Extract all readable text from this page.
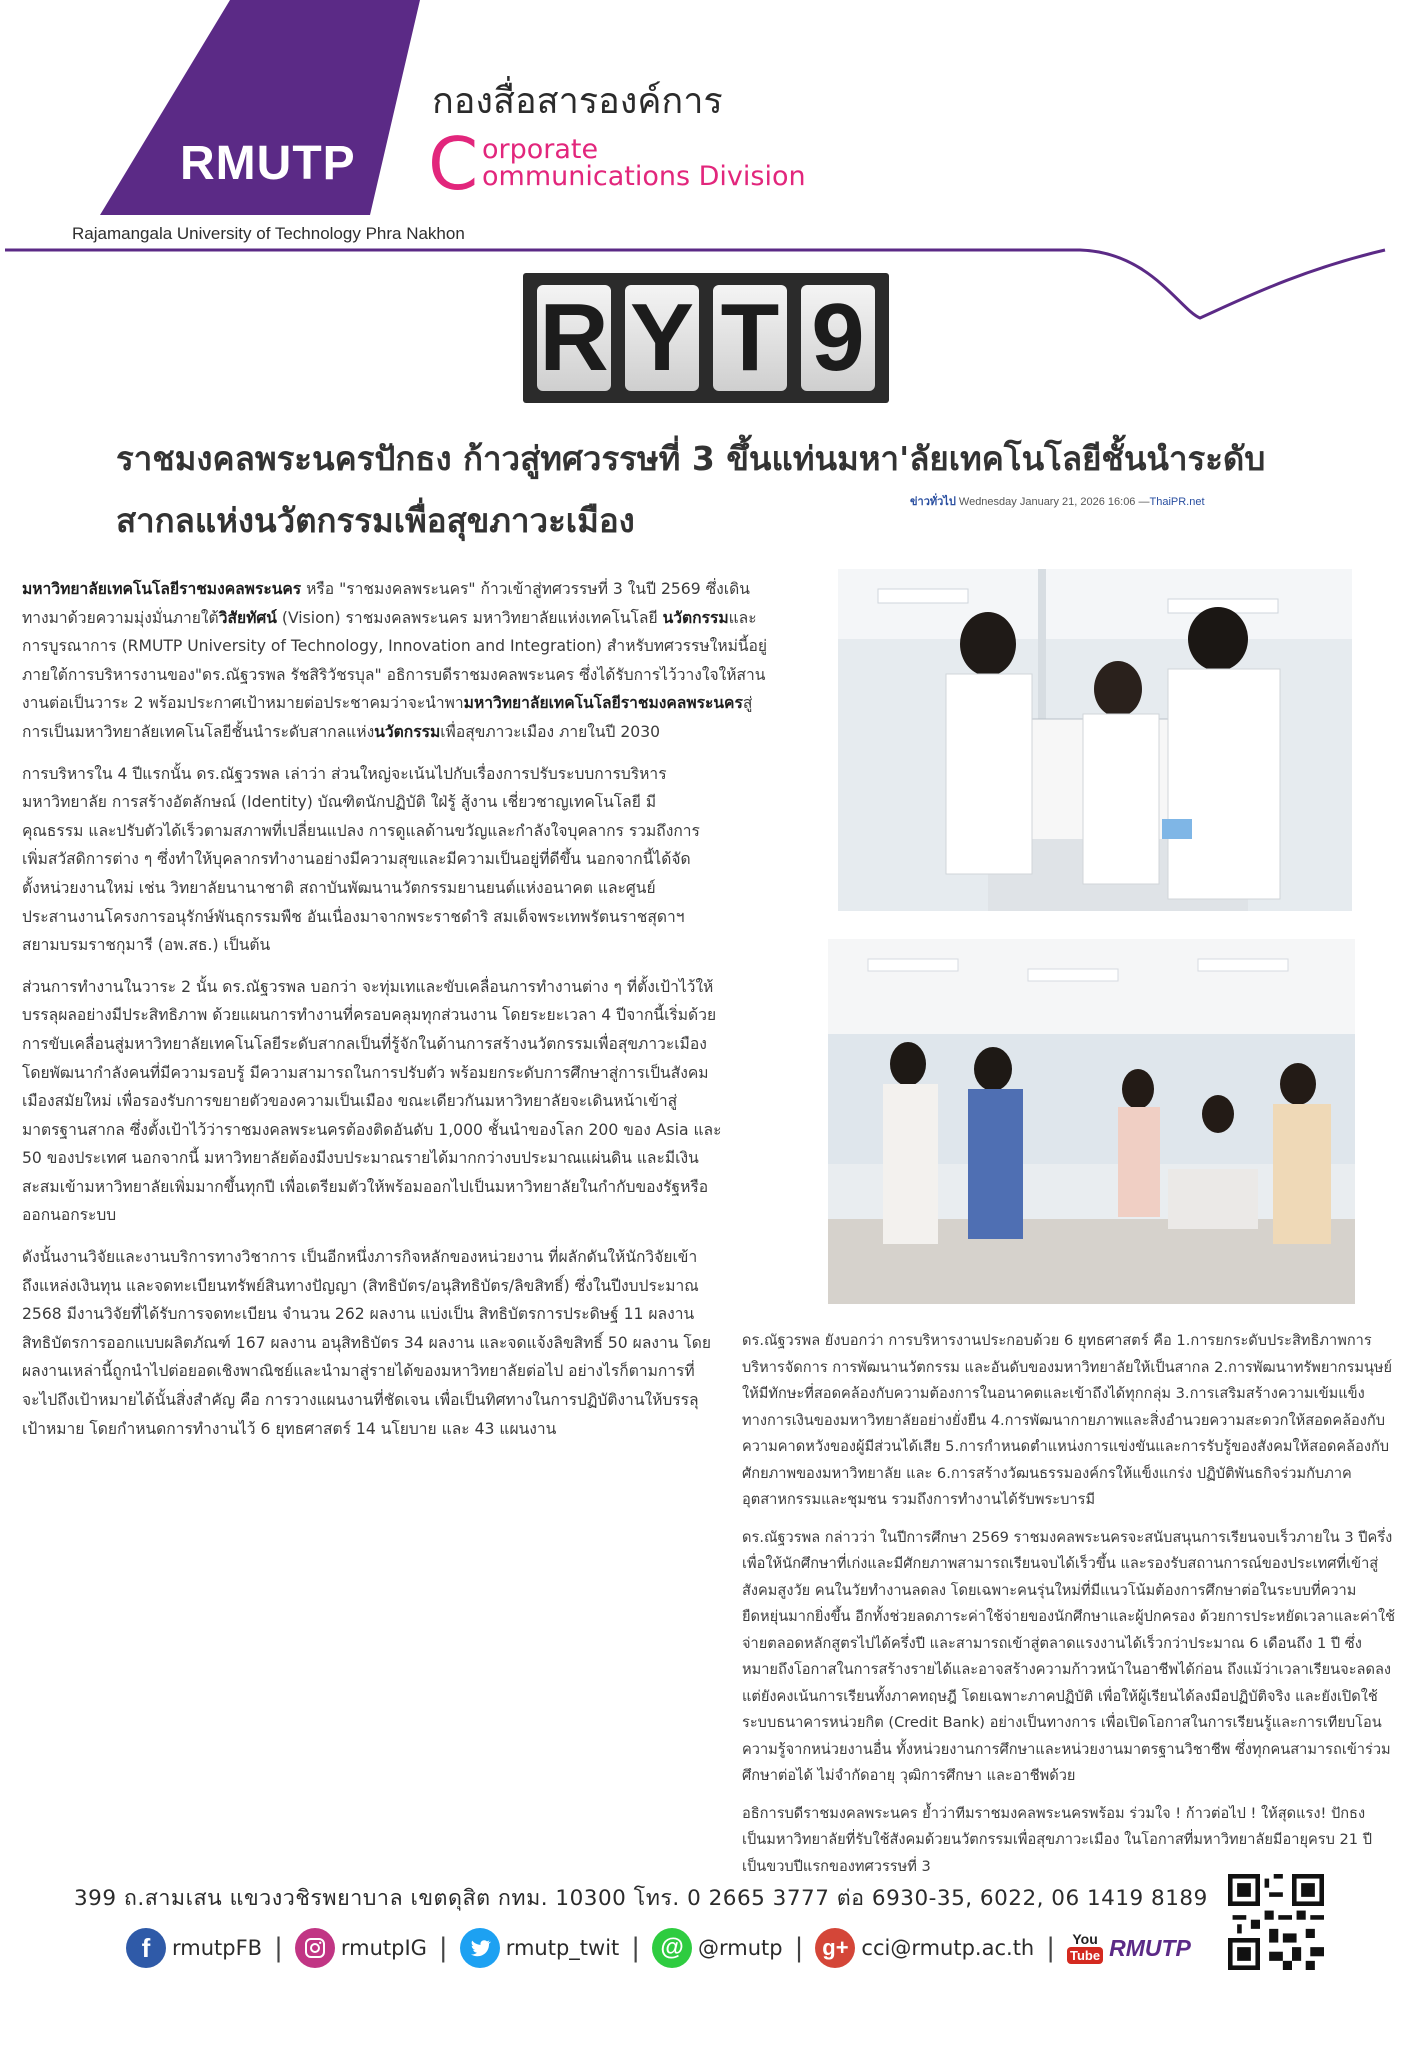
RMUTP
กองสื่อสารองค์การ
C orporate
ommunications Division
Rajamangala University of Technology Phra Nakhon
R Y T 9
ราชมงคลพระนครปักธง ก้าวสู่ทศวรรษที่ 3 ขึ้นแท่นมหา'ลัยเทคโนโลยีชั้นนำระดับ
สากลแห่งนวัตกรรมเพื่อสุขภาวะเมือง	ข่าวทั่วไป Wednesday January 21, 2026 16:06 —ThaiPR.net

มหาวิทยาลัยเทคโนโลยีราชมงคลพระนคร หรือ "ราชมงคลพระนคร" ก้าวเข้าสู่ทศวรรษที่ 3 ในปี 2569 ซึ่งเดินทางมาด้วยความมุ่งมั่นภายใต้วิสัยทัศน์ (Vision) ราชมงคลพระนคร มหาวิทยาลัยแห่งเทคโนโลยี นวัตกรรมและการบูรณาการ (RMUTP University of Technology, Innovation and Integration) สำหรับทศวรรษใหม่นี้อยู่ภายใต้การบริหารงานของ"ดร.ณัฐวรพล รัชสิริวัชรบุล" อธิการบดีราชมงคลพระนคร ซึ่งได้รับการไว้วางใจให้สานงานต่อเป็นวาระ 2 พร้อมประกาศเป้าหมายต่อประชาคมว่าจะนำพามหาวิทยาลัยเทคโนโลยีราชมงคลพระนครสู่การเป็นมหาวิทยาลัยเทคโนโลยีชั้นนำระดับสากลแห่งนวัตกรรมเพื่อสุขภาวะเมือง ภายในปี 2030

การบริหารใน 4 ปีแรกนั้น ดร.ณัฐวรพล เล่าว่า ส่วนใหญ่จะเน้นไปกับเรื่องการปรับระบบการบริหารมหาวิทยาลัย การสร้างอัตลักษณ์ (Identity) บัณฑิตนักปฏิบัติ ใฝ่รู้ สู้งาน เชี่ยวชาญเทคโนโลยี มีคุณธรรม และปรับตัวได้เร็วตามสภาพที่เปลี่ยนแปลง การดูแลด้านขวัญและกำลังใจบุคลากร รวมถึงการเพิ่มสวัสดิการต่าง ๆ ซึ่งทำให้บุคลากรทำงานอย่างมีความสุขและมีความเป็นอยู่ที่ดีขึ้น นอกจากนี้ได้จัดตั้งหน่วยงานใหม่ เช่น วิทยาลัยนานาชาติ สถาบันพัฒนานวัตกรรมยานยนต์แห่งอนาคต และศูนย์ประสานงานโครงการอนุรักษ์พันธุกรรมพืช อันเนื่องมาจากพระราชดำริ สมเด็จพระเทพรัตนราชสุดาฯ สยามบรมราชกุมารี (อพ.สธ.) เป็นต้น

ส่วนการทำงานในวาระ 2 นั้น ดร.ณัฐวรพล บอกว่า จะทุ่มเทและขับเคลื่อนการทำงานต่าง ๆ ที่ตั้งเป้าไว้ให้บรรลุผลอย่างมีประสิทธิภาพ ด้วยแผนการทำงานที่ครอบคลุมทุกส่วนงาน โดยระยะเวลา 4 ปีจากนี้เริ่มด้วยการขับเคลื่อนสู่มหาวิทยาลัยเทคโนโลยีระดับสากลเป็นที่รู้จักในด้านการสร้างนวัตกรรมเพื่อสุขภาวะเมือง โดยพัฒนากำลังคนที่มีความรอบรู้ มีความสามารถในการปรับตัว พร้อมยกระดับการศึกษาสู่การเป็นสังคมเมืองสมัยใหม่ เพื่อรองรับการขยายตัวของความเป็นเมือง ขณะเดียวกันมหาวิทยาลัยจะเดินหน้าเข้าสู่มาตรฐานสากล ซึ่งตั้งเป้าไว้ว่าราชมงคลพระนครต้องติดอันดับ 1,000 ชั้นนำของโลก 200 ของ Asia และ 50 ของประเทศ นอกจากนี้ มหาวิทยาลัยต้องมีงบประมาณรายได้มากกว่างบประมาณแผ่นดิน และมีเงินสะสมเข้ามหาวิทยาลัยเพิ่มมากขึ้นทุกปี เพื่อเตรียมตัวให้พร้อมออกไปเป็นมหาวิทยาลัยในกำกับของรัฐหรือออกนอกระบบ

ดังนั้นงานวิจัยและงานบริการทางวิชาการ เป็นอีกหนึ่งภารกิจหลักของหน่วยงาน ที่ผลักดันให้นักวิจัยเข้าถึงแหล่งเงินทุน และจดทะเบียนทรัพย์สินทางปัญญา (สิทธิบัตร/อนุสิทธิบัตร/ลิขสิทธิ์) ซึ่งในปีงบประมาณ 2568 มีงานวิจัยที่ได้รับการจดทะเบียน จำนวน 262 ผลงาน แบ่งเป็น สิทธิบัตรการประดิษฐ์ 11 ผลงาน สิทธิบัตรการออกแบบผลิตภัณฑ์ 167 ผลงาน อนุสิทธิบัตร 34 ผลงาน และจดแจ้งลิขสิทธิ์ 50 ผลงาน โดยผลงานเหล่านี้ถูกนำไปต่อยอดเชิงพาณิชย์และนำมาสู่รายได้ของมหาวิทยาลัยต่อไป อย่างไรก็ตามการที่จะไปถึงเป้าหมายได้นั้นสิ่งสำคัญ คือ การวางแผนงานที่ชัดเจน เพื่อเป็นทิศทางในการปฏิบัติงานให้บรรลุเป้าหมาย โดยกำหนดการทำงานไว้ 6 ยุทธศาสตร์ 14 นโยบาย และ 43 แผนงาน

ดร.ณัฐวรพล ยังบอกว่า การบริหารงานประกอบด้วย 6 ยุทธศาสตร์ คือ 1.การยกระดับประสิทธิภาพการบริหารจัดการ การพัฒนานวัตกรรม และอันดับของมหาวิทยาลัยให้เป็นสากล 2.การพัฒนาทรัพยากรมนุษย์ ให้มีทักษะที่สอดคล้องกับความต้องการในอนาคตและเข้าถึงได้ทุกกลุ่ม 3.การเสริมสร้างความเข้มแข็งทางการเงินของมหาวิทยาลัยอย่างยั่งยืน 4.การพัฒนากายภาพและสิ่งอำนวยความสะดวกให้สอดคล้องกับความคาดหวังของผู้มีส่วนได้เสีย 5.การกำหนดตำแหน่งการแข่งขันและการรับรู้ของสังคมให้สอดคล้องกับศักยภาพของมหาวิทยาลัย และ 6.การสร้างวัฒนธรรมองค์กรให้แข็งแกร่ง ปฏิบัติพันธกิจร่วมกับภาคอุตสาหกรรมและชุมชน รวมถึงการทำงานได้รับพระบารมี

ดร.ณัฐวรพล กล่าวว่า ในปีการศึกษา 2569 ราชมงคลพระนครจะสนับสนุนการเรียนจบเร็วภายใน 3 ปีครึ่งเพื่อให้นักศึกษาที่เก่งและมีศักยภาพสามารถเรียนจบได้เร็วขึ้น และรองรับสถานการณ์ของประเทศที่เข้าสู่สังคมสูงวัย คนในวัยทำงานลดลง โดยเฉพาะคนรุ่นใหม่ที่มีแนวโน้มต้องการศึกษาต่อในระบบที่ความยืดหยุ่นมากยิ่งขึ้น อีกทั้งช่วยลดภาระค่าใช้จ่ายของนักศึกษาและผู้ปกครอง ด้วยการประหยัดเวลาและค่าใช้จ่ายตลอดหลักสูตรไปได้ครึ่งปี และสามารถเข้าสู่ตลาดแรงงานได้เร็วกว่าประมาณ 6 เดือนถึง 1 ปี ซึ่งหมายถึงโอกาสในการสร้างรายได้และอาจสร้างความก้าวหน้าในอาชีพได้ก่อน ถึงแม้ว่าเวลาเรียนจะลดลง แต่ยังคงเน้นการเรียนทั้งภาคทฤษฎี โดยเฉพาะภาคปฏิบัติ เพื่อให้ผู้เรียนได้ลงมือปฏิบัติจริง และยังเปิดใช้ระบบธนาคารหน่วยกิต (Credit Bank) อย่างเป็นทางการ เพื่อเปิดโอกาสในการเรียนรู้และการเทียบโอนความรู้จากหน่วยงานอื่น ทั้งหน่วยงานการศึกษาและหน่วยงานมาตรฐานวิชาชีพ ซึ่งทุกคนสามารถเข้าร่วมศึกษาต่อได้ ไม่จำกัดอายุ วุฒิการศึกษา และอาชีพด้วย

อธิการบดีราชมงคลพระนคร ย้ำว่าทีมราชมงคลพระนครพร้อม ร่วมใจ ! ก้าวต่อไป ! ให้สุดแรง! ปักธงเป็นมหาวิทยาลัยที่รับใช้สังคมด้วยนวัตกรรมเพื่อสุขภาวะเมือง ในโอกาสที่มหาวิทยาลัยมีอายุครบ 21 ปี เป็นขวบปีแรกของทศวรรษที่ 3

399 ถ.สามเสน แขวงวชิรพยาบาล เขตดุสิต กทม. 10300 โทร. 0 2665 3777 ต่อ 6930-35, 6022, 06 1419 8189
f	rmutpFB |	rmutpIG |	rmutp_twit | @ @rmutp | g+ cci@rmutp.ac.th | You
Tube RMUTP
